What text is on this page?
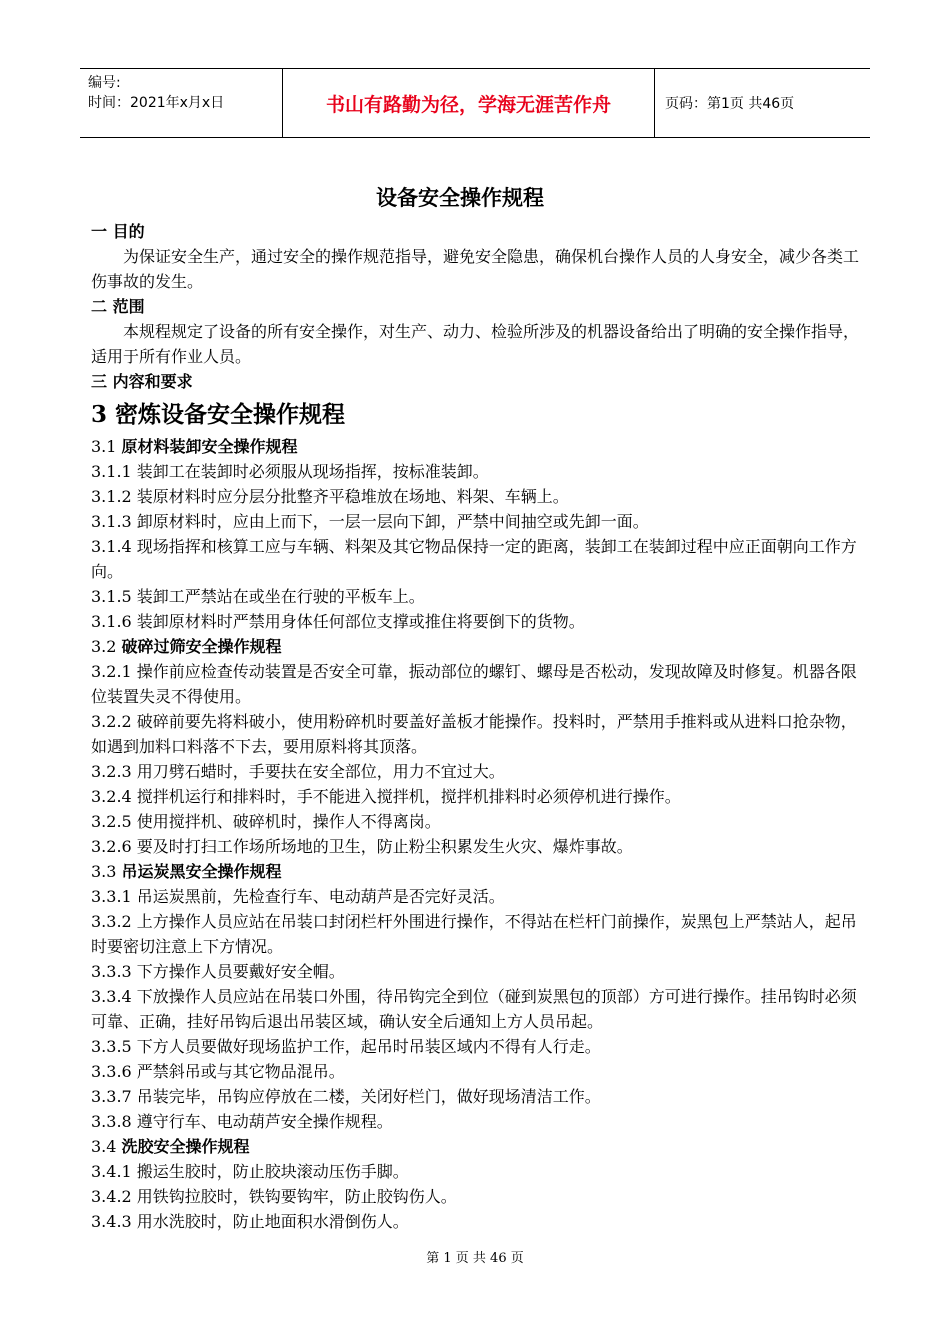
编号:
时间：2021年x月x日	书山有路勤为径，学海无涯苦作舟	页码：第1页 共46页
设备安全操作规程

一 目的

为保证安全生产，通过安全的操作规范指导，避免安全隐患，确保机台操作人员的人身安全，减少各类工伤事故的发生。

二 范围

本规程规定了设备的所有安全操作，对生产、动力、检验所涉及的机器设备给出了明确的安全操作指导，适用于所有作业人员。

三 内容和要求

3 密炼设备安全操作规程

3.1 原材料装卸安全操作规程

3.1.1 装卸工在装卸时必须服从现场指挥，按标准装卸。

3.1.2 装原材料时应分层分批整齐平稳堆放在场地、料架、车辆上。

3.1.3 卸原材料时，应由上而下，一层一层向下卸，严禁中间抽空或先卸一面。

3.1.4 现场指挥和核算工应与车辆、料架及其它物品保持一定的距离，装卸工在装卸过程中应正面朝向工作方向。

3.1.5 装卸工严禁站在或坐在行驶的平板车上。

3.1.6 装卸原材料时严禁用身体任何部位支撑或推住将要倒下的货物。

3.2 破碎过筛安全操作规程

3.2.1 操作前应检查传动装置是否安全可靠，振动部位的螺钉、螺母是否松动，发现故障及时修复。机器各限位装置失灵不得使用。

3.2.2 破碎前要先将料破小，使用粉碎机时要盖好盖板才能操作。投料时，严禁用手推料或从进料口抢杂物，如遇到加料口料落不下去，要用原料将其顶落。

3.2.3 用刀劈石蜡时，手要扶在安全部位，用力不宜过大。

3.2.4 搅拌机运行和排料时，手不能进入搅拌机，搅拌机排料时必须停机进行操作。

3.2.5 使用搅拌机、破碎机时，操作人不得离岗。

3.2.6 要及时打扫工作场所场地的卫生，防止粉尘积累发生火灾、爆炸事故。

3.3 吊运炭黑安全操作规程

3.3.1 吊运炭黑前，先检查行车、电动葫芦是否完好灵活。

3.3.2 上方操作人员应站在吊装口封闭栏杆外围进行操作，不得站在栏杆门前操作，炭黑包上严禁站人，起吊时要密切注意上下方情况。

3.3.3 下方操作人员要戴好安全帽。

3.3.4 下放操作人员应站在吊装口外围，待吊钩完全到位（碰到炭黑包的顶部）方可进行操作。挂吊钩时必须可靠、正确，挂好吊钩后退出吊装区域，确认安全后通知上方人员吊起。

3.3.5 下方人员要做好现场监护工作，起吊时吊装区域内不得有人行走。

3.3.6 严禁斜吊或与其它物品混吊。

3.3.7 吊装完毕，吊钩应停放在二楼，关闭好栏门，做好现场清洁工作。

3.3.8 遵守行车、电动葫芦安全操作规程。

3.4 洗胶安全操作规程

3.4.1 搬运生胶时，防止胶块滚动压伤手脚。

3.4.2 用铁钩拉胶时，铁钩要钩牢，防止胶钩伤人。

3.4.3 用水洗胶时，防止地面积水滑倒伤人。

第 1 页 共 46 页
